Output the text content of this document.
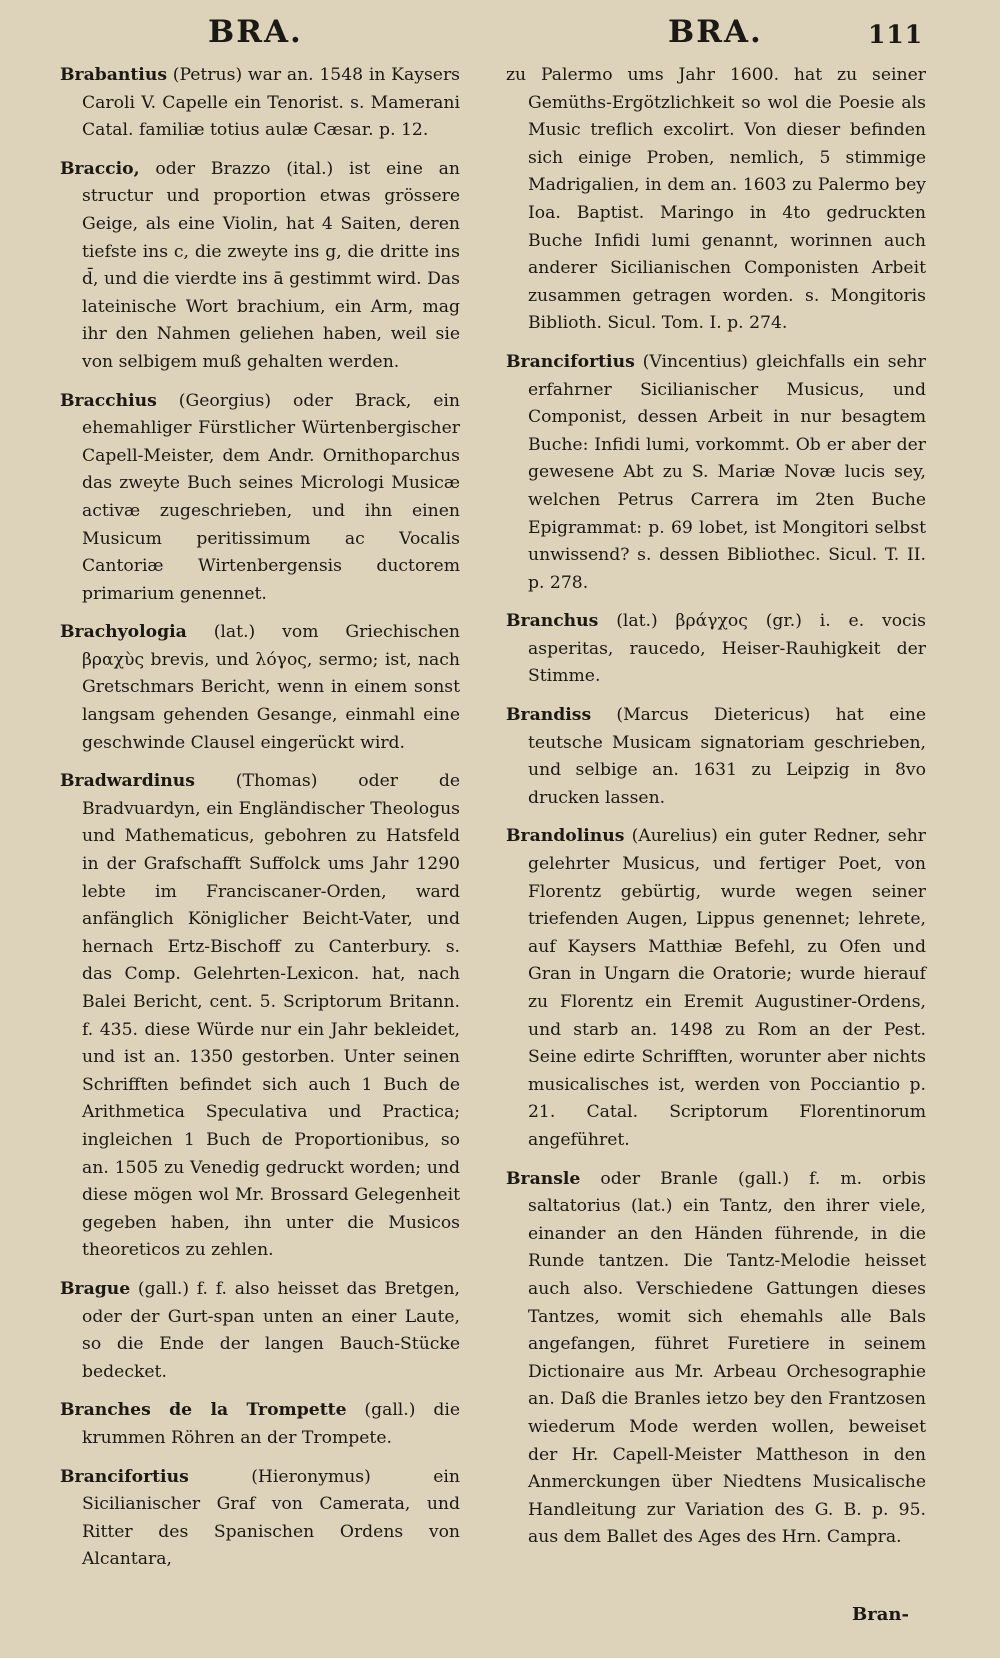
BRA.	BRA.	111

Brabantius (Petrus) war an. 1548 in Kaysers Caroli V. Capelle ein Tenorist. s. Mamerani Catal. familiæ totius aulæ Cæsar. p. 12.

Braccio, oder Brazzo (ital.) ist eine an structur und proportion etwas grössere Geige, als eine Violin, hat 4 Saiten, deren tiefste ins c, die zweyte ins g, die dritte ins d̄, und die vierdte ins ā gestimmt wird. Das lateinische Wort brachium, ein Arm, mag ihr den Nahmen geliehen haben, weil sie von selbigem muß gehalten werden.

Bracchius (Georgius) oder Brack, ein ehemahliger Fürstlicher Würtenbergischer Capell-Meister, dem Andr. Ornithoparchus das zweyte Buch seines Micrologi Musicæ activæ zugeschrieben, und ihn einen Musicum peritissimum ac Vocalis Cantoriæ Wirtenbergensis ductorem primarium genennet.

Brachyologia (lat.) vom Griechischen βραχὺς brevis, und λόγος, sermo; ist, nach Gretschmars Bericht, wenn in einem sonst langsam gehenden Gesange, einmahl eine geschwinde Clausel eingerückt wird.

Bradwardinus (Thomas) oder de Bradvuardyn, ein Engländischer Theologus und Mathematicus, gebohren zu Hatsfeld in der Grafschafft Suffolck ums Jahr 1290 lebte im Franciscaner-Orden, ward anfänglich Königlicher Beicht-Vater, und hernach Ertz-Bischoff zu Canterbury. s. das Comp. Gelehrten-Lexicon. hat, nach Balei Bericht, cent. 5. Scriptorum Britann. f. 435. diese Würde nur ein Jahr bekleidet, und ist an. 1350 gestorben. Unter seinen Schrifften befindet sich auch 1 Buch de Arithmetica Speculativa und Practica; ingleichen 1 Buch de Proportionibus, so an. 1505 zu Venedig gedruckt worden; und diese mögen wol Mr. Brossard Gelegenheit gegeben haben, ihn unter die Musicos theoreticos zu zehlen.

Brague (gall.) f. f. also heisset das Bretgen, oder der Gurt-span unten an einer Laute, so die Ende der langen Bauch-Stücke bedecket.

Branches de la Trompette (gall.) die krummen Röhren an der Trompete.

Brancifortius (Hieronymus) ein Sicilianischer Graf von Camerata, und Ritter des Spanischen Ordens von Alcantara,

zu Palermo ums Jahr 1600. hat zu seiner Gemüths-Ergötzlichkeit so wol die Poesie als Music treflich excolirt. Von dieser befinden sich einige Proben, nemlich, 5 stimmige Madrigalien, in dem an. 1603 zu Palermo bey Ioa. Baptist. Maringo in 4to gedruckten Buche Infidi lumi genannt, worinnen auch anderer Sicilianischen Componisten Arbeit zusammen getragen worden. s. Mongitoris Biblioth. Sicul. Tom. I. p. 274.

Brancifortius (Vincentius) gleichfalls ein sehr erfahrner Sicilianischer Musicus, und Componist, dessen Arbeit in nur besagtem Buche: Infidi lumi, vorkommt. Ob er aber der gewesene Abt zu S. Mariæ Novæ lucis sey, welchen Petrus Carrera im 2ten Buche Epigrammat: p. 69 lobet, ist Mongitori selbst unwissend? s. dessen Bibliothec. Sicul. T. II. p. 278.

Branchus (lat.) βράγχος (gr.) i. e. vocis asperitas, raucedo, Heiser-Rauhigkeit der Stimme.

Brandiss (Marcus Dietericus) hat eine teutsche Musicam signatoriam geschrieben, und selbige an. 1631 zu Leipzig in 8vo drucken lassen.

Brandolinus (Aurelius) ein guter Redner, sehr gelehrter Musicus, und fertiger Poet, von Florentz gebürtig, wurde wegen seiner triefenden Augen, Lippus genennet; lehrete, auf Kaysers Matthiæ Befehl, zu Ofen und Gran in Ungarn die Oratorie; wurde hierauf zu Florentz ein Eremit Augustiner-Ordens, und starb an. 1498 zu Rom an der Pest. Seine edirte Schrifften, worunter aber nichts musicalisches ist, werden von Pocciantio p. 21. Catal. Scriptorum Florentinorum angeführet.

Bransle oder Branle (gall.) f. m. orbis saltatorius (lat.) ein Tantz, den ihrer viele, einander an den Händen führende, in die Runde tantzen. Die Tantz-Melodie heisset auch also. Verschiedene Gattungen dieses Tantzes, womit sich ehemahls alle Bals angefangen, führet Furetiere in seinem Dictionaire aus Mr. Arbeau Orchesographie an. Daß die Branles ietzo bey den Frantzosen wiederum Mode werden wollen, beweiset der Hr. Capell-Meister Mattheson in den Anmerckungen über Niedtens Musicalische Handleitung zur Variation des G. B. p. 95. aus dem Ballet des Ages des Hrn. Campra.

Bran-
